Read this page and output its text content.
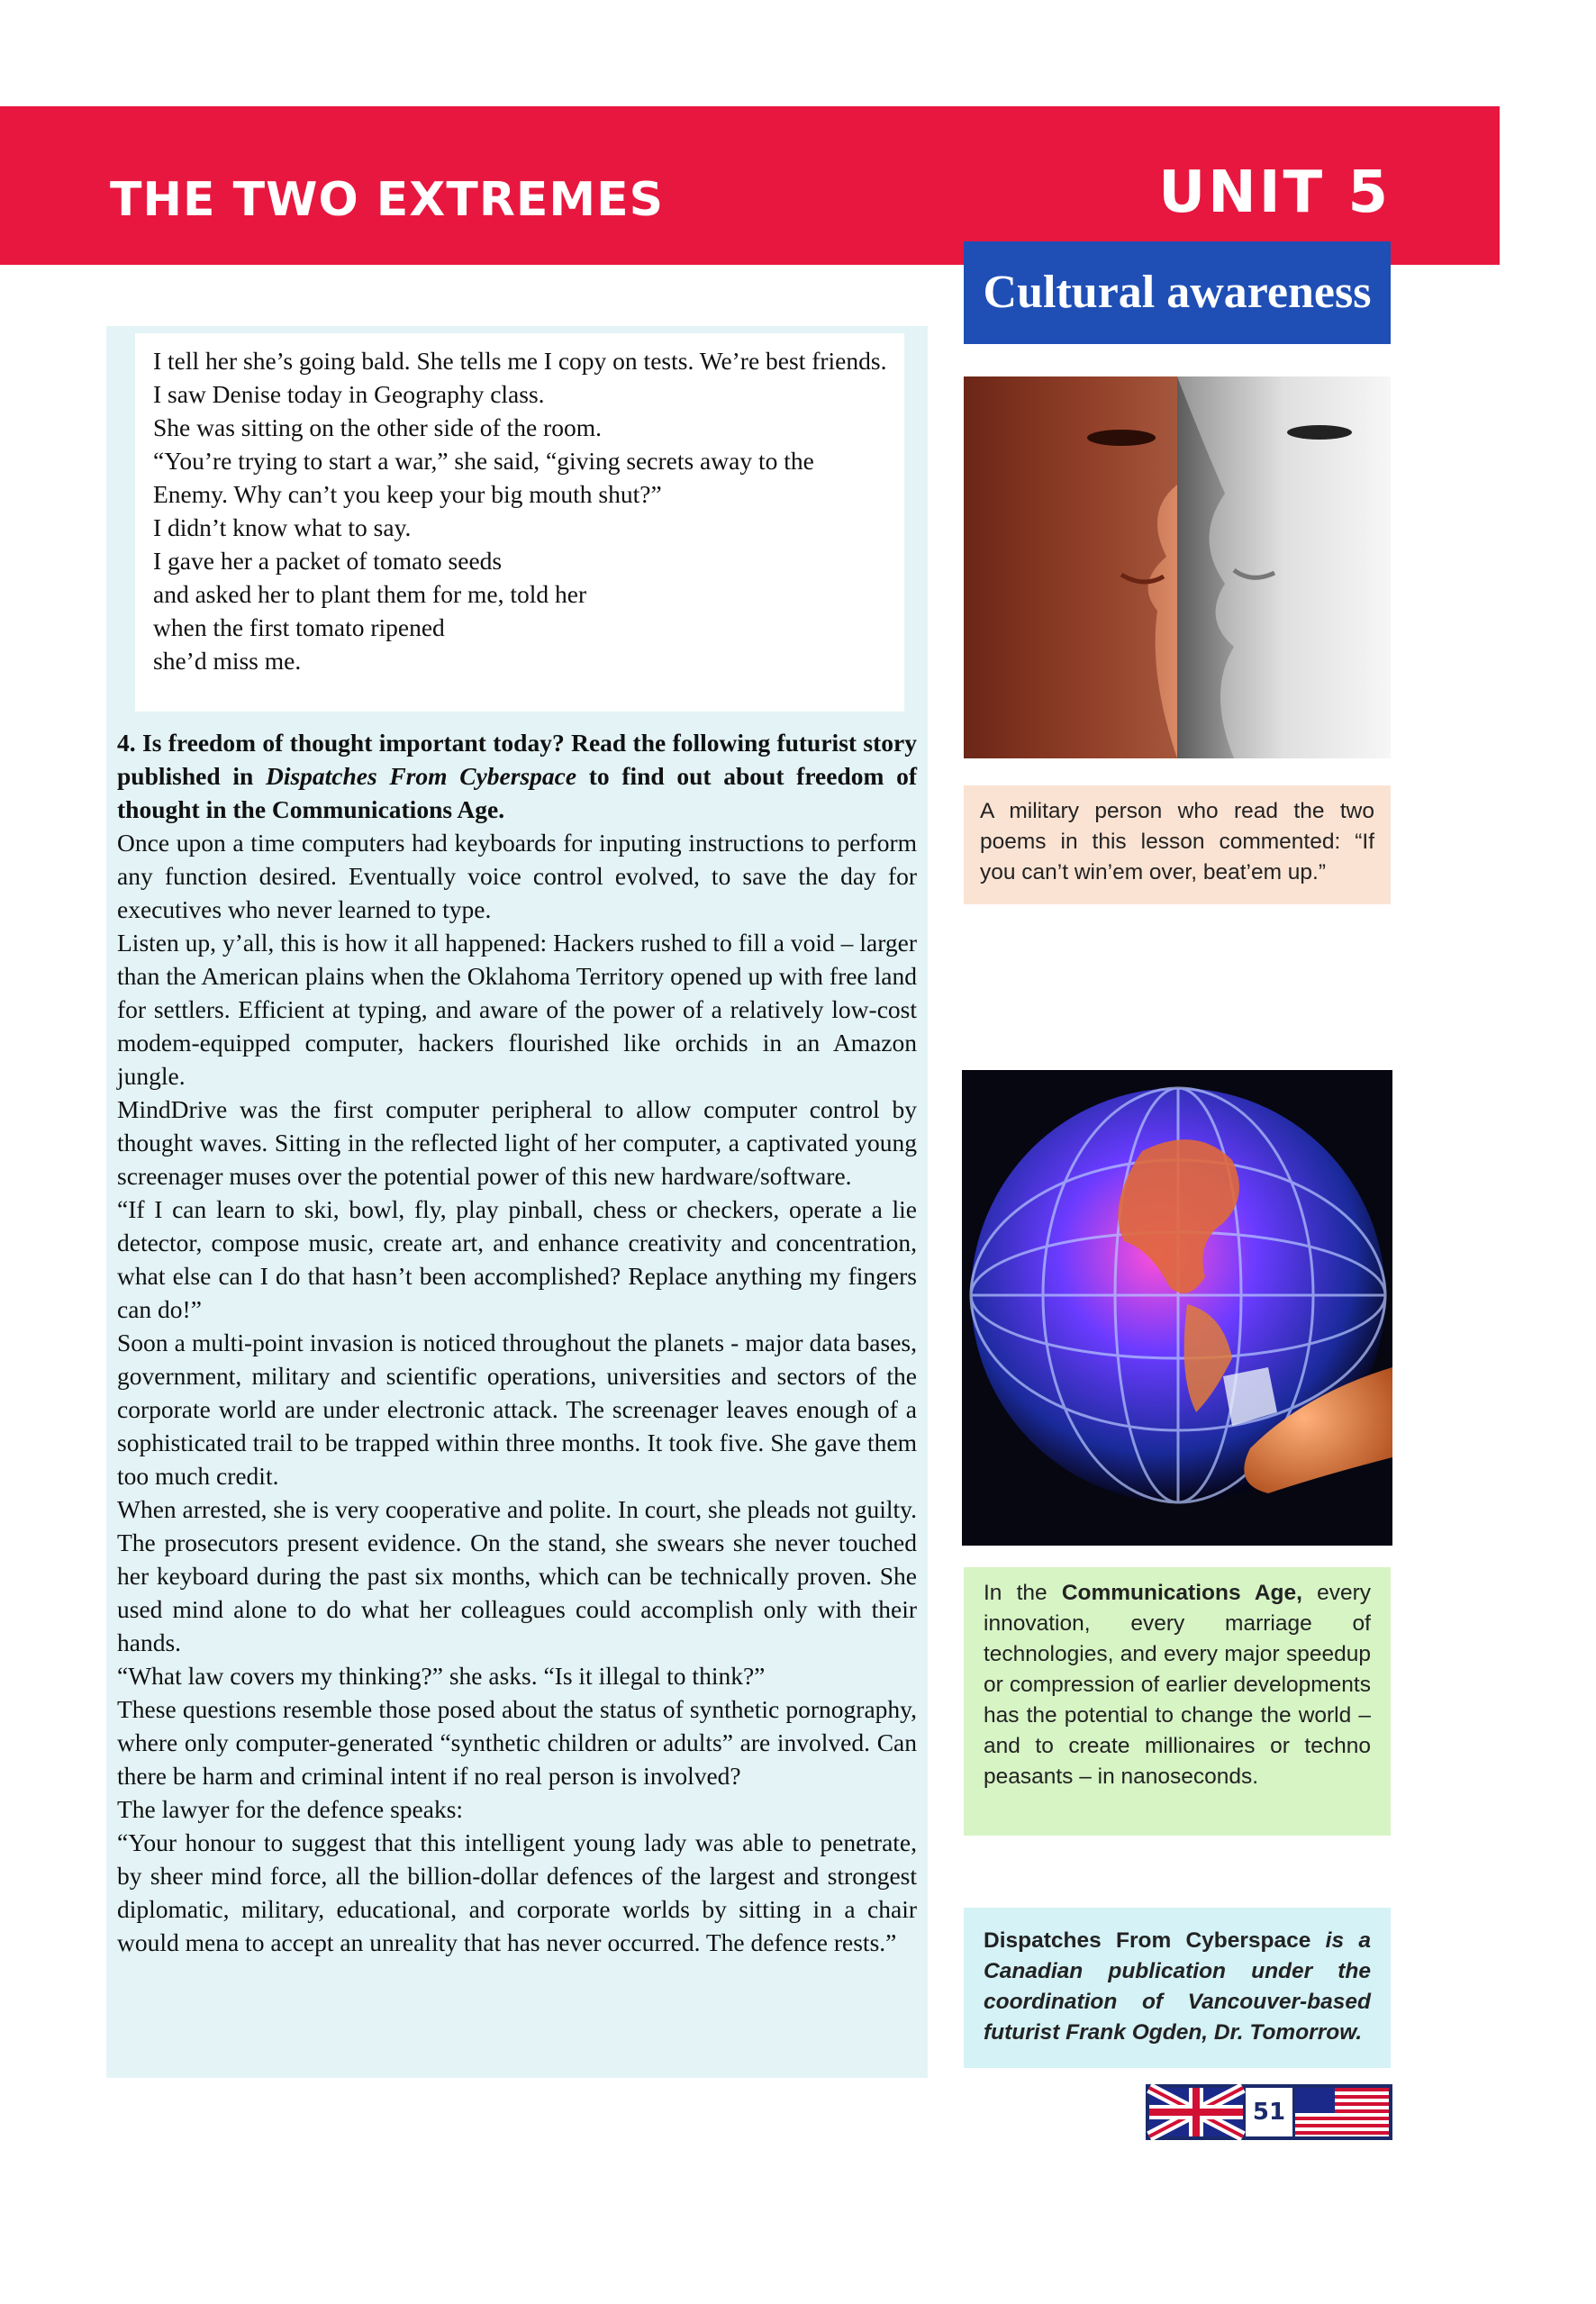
THE TWO EXTREMES	UNIT 5
Cultural awareness
I tell her she’s going bald. She tells me I copy on tests. We’re best friends.
I saw Denise today in Geography class.
She was sitting on the other side of the room.
“You’re trying to start a war,” she said, “giving secrets away to the Enemy. Why can’t you keep your big mouth shut?”
I didn’t know what to say.
I gave her a packet of tomato seeds
and asked her to plant them for me, told her
when the first tomato ripened
she’d miss me.

4. Is freedom of thought important today? Read the following futurist story published in Dispatches From Cyberspace to find out about freedom of thought in the Communications Age.

Once upon a time computers had keyboards for inputing instructions to perform any function desired. Eventually voice control evolved, to save the day for executives who never learned to type.

Listen up, y’all, this is how it all happened: Hackers rushed to fill a void – larger than the American plains when the Oklahoma Territory opened up with free land for settlers. Efficient at typing, and aware of the power of a relatively low-cost modem-equipped computer, hackers flourished like orchids in an Amazon jungle.

MindDrive was the first computer peripheral to allow computer control by thought waves. Sitting in the reflected light of her computer, a captivated young screenager muses over the potential power of this new hardware/software.

“If I can learn to ski, bowl, fly, play pinball, chess or checkers, operate a lie detector, compose music, create art, and enhance creativity and concentration, what else can I do that hasn’t been accomplished? Replace anything my fingers can do!”

Soon a multi-point invasion is noticed throughout the planets - major data bases, government, military and scientific operations, universities and sectors of the corporate world are under electronic attack. The screenager leaves enough of a sophisticated trail to be trapped within three months. It took five. She gave them too much credit.

When arrested, she is very cooperative and polite. In court, she pleads not guilty. The prosecutors present evidence. On the stand, she swears she never touched her keyboard during the past six months, which can be technically proven. She used mind alone to do what her colleagues could accomplish only with their hands.

“What law covers my thinking?” she asks. “Is it illegal to think?”

These questions resemble those posed about the status of synthetic pornography, where only computer-generated “synthetic children or adults” are involved. Can there be harm and criminal intent if no real person is involved?

The lawyer for the defence speaks:

“Your honour to suggest that this intelligent young lady was able to penetrate, by sheer mind force, all the billion-dollar defences of the largest and strongest diplomatic, military, educational, and corporate worlds by sitting in a chair would mena to accept an unreality that has never occurred. The defence rests.”

A military person who read the two poems in this lesson commented: “If you can’t win’em over, beat’em up.”
In the Communications Age, every innovation, every marriage of technologies, and every major speedup or compression of earlier developments has the potential to change the world – and to create millionaires or techno peasants – in nanoseconds.
Dispatches From Cyberspace is a Canadian publication under the coordination of Vancouver-based futurist Frank Ogden, Dr. Tomorrow.
51
